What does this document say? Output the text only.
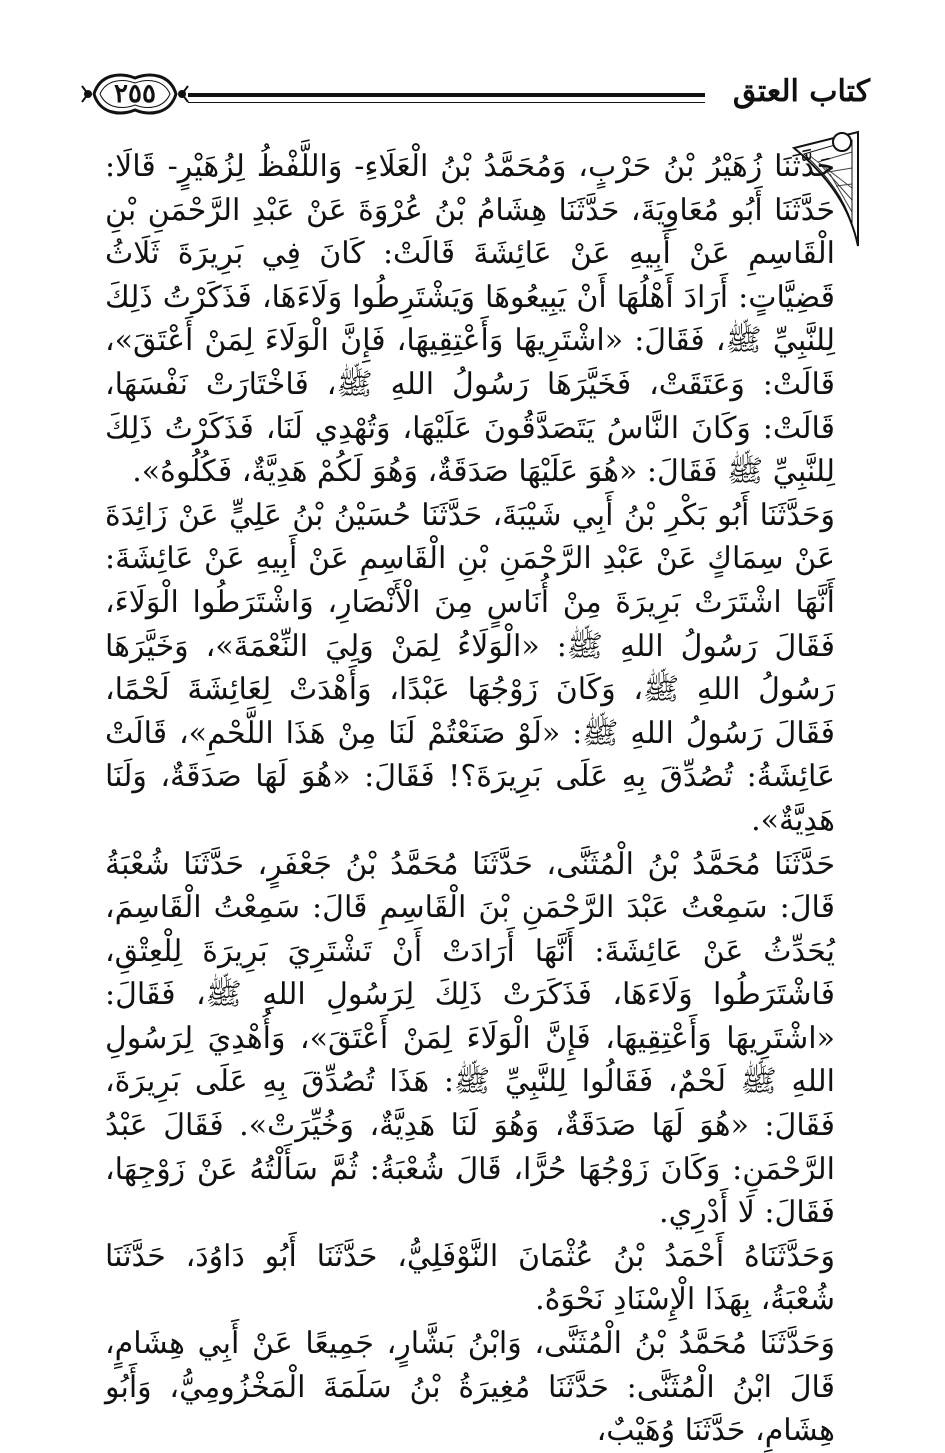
كتاب العتق
٢٥٥

حَدَّثَنَا زُهَيْرُ بْنُ حَرْبٍ، وَمُحَمَّدُ بْنُ الْعَلَاءِ- وَاللَّفْظُ لِزُهَيْرٍ- قَالَا: حَدَّثَنَا أَبُو مُعَاوِيَةَ، حَدَّثَنَا هِشَامُ بْنُ عُرْوَةَ عَنْ عَبْدِ الرَّحْمَنِ بْنِ الْقَاسِمِ عَنْ أَبِيهِ عَنْ عَائِشَةَ قَالَتْ: كَانَ فِي بَرِيرَةَ ثَلَاثُ قَضِيَّاتٍ: أَرَادَ أَهْلُهَا أَنْ يَبِيعُوهَا وَيَشْتَرِطُوا وَلَاءَهَا، فَذَكَرْتُ ذَلِكَ لِلنَّبِيِّ ﷺ، فَقَالَ: «اشْتَرِيهَا وَأَعْتِقِيهَا، فَإِنَّ الْوَلَاءَ لِمَنْ أَعْتَقَ»، قَالَتْ: وَعَتَقَتْ، فَخَيَّرَهَا رَسُولُ اللهِ ﷺ، فَاخْتَارَتْ نَفْسَهَا، قَالَتْ: وَكَانَ النَّاسُ يَتَصَدَّقُونَ عَلَيْهَا، وَتُهْدِي لَنَا، فَذَكَرْتُ ذَلِكَ لِلنَّبِيِّ ﷺ فَقَالَ: «هُوَ عَلَيْهَا صَدَقَةٌ، وَهُوَ لَكُمْ هَدِيَّةٌ، فَكُلُوهُ».

وَحَدَّثَنَا أَبُو بَكْرِ بْنُ أَبِي شَيْبَةَ، حَدَّثَنَا حُسَيْنُ بْنُ عَلِيٍّ عَنْ زَائِدَةَ عَنْ سِمَاكٍ عَنْ عَبْدِ الرَّحْمَنِ بْنِ الْقَاسِمِ عَنْ أَبِيهِ عَنْ عَائِشَةَ: أَنَّهَا اشْتَرَتْ بَرِيرَةَ مِنْ أُنَاسٍ مِنَ الْأَنْصَارِ، وَاشْتَرَطُوا الْوَلَاءَ، فَقَالَ رَسُولُ اللهِ ﷺ: «الْوَلَاءُ لِمَنْ وَلِيَ النِّعْمَةَ»، وَخَيَّرَهَا رَسُولُ اللهِ ﷺ، وَكَانَ زَوْجُهَا عَبْدًا، وَأَهْدَتْ لِعَائِشَةَ لَحْمًا، فَقَالَ رَسُولُ اللهِ ﷺ: «لَوْ صَنَعْتُمْ لَنَا مِنْ هَذَا اللَّحْمِ»، قَالَتْ عَائِشَةُ: تُصُدِّقَ بِهِ عَلَى بَرِيرَةَ؟! فَقَالَ: «هُوَ لَهَا صَدَقَةٌ، وَلَنَا هَدِيَّةٌ».

حَدَّثَنَا مُحَمَّدُ بْنُ الْمُثَنَّى، حَدَّثَنَا مُحَمَّدُ بْنُ جَعْفَرٍ، حَدَّثَنَا شُعْبَةُ قَالَ: سَمِعْتُ عَبْدَ الرَّحْمَنِ بْنَ الْقَاسِمِ قَالَ: سَمِعْتُ الْقَاسِمَ، يُحَدِّثُ عَنْ عَائِشَةَ: أَنَّهَا أَرَادَتْ أَنْ تَشْتَرِيَ بَرِيرَةَ لِلْعِتْقِ، فَاشْتَرَطُوا وَلَاءَهَا، فَذَكَرَتْ ذَلِكَ لِرَسُولِ اللهِ ﷺ، فَقَالَ: «اشْتَرِيهَا وَأَعْتِقِيهَا، فَإِنَّ الْوَلَاءَ لِمَنْ أَعْتَقَ»، وَأُهْدِيَ لِرَسُولِ اللهِ ﷺ لَحْمٌ، فَقَالُوا لِلنَّبِيِّ ﷺ: هَذَا تُصُدِّقَ بِهِ عَلَى بَرِيرَةَ، فَقَالَ: «هُوَ لَهَا صَدَقَةٌ، وَهُوَ لَنَا هَدِيَّةٌ، وَخُيِّرَتْ». فَقَالَ عَبْدُ الرَّحْمَنِ: وَكَانَ زَوْجُهَا حُرًّا، قَالَ شُعْبَةُ: ثُمَّ سَأَلْتُهُ عَنْ زَوْجِهَا، فَقَالَ: لَا أَدْرِي.

وَحَدَّثَنَاهُ أَحْمَدُ بْنُ عُثْمَانَ النَّوْفَلِيُّ، حَدَّثَنَا أَبُو دَاوُدَ، حَدَّثَنَا شُعْبَةُ، بِهَذَا الْإِسْنَادِ نَحْوَهُ.

وَحَدَّثَنَا مُحَمَّدُ بْنُ الْمُثَنَّى، وَابْنُ بَشَّارٍ، جَمِيعًا عَنْ أَبِي هِشَامٍ، قَالَ ابْنُ الْمُثَنَّى: حَدَّثَنَا مُغِيرَةُ بْنُ سَلَمَةَ الْمَخْزُومِيُّ، وَأَبُو هِشَامٍ، حَدَّثَنَا وُهَيْبٌ،
